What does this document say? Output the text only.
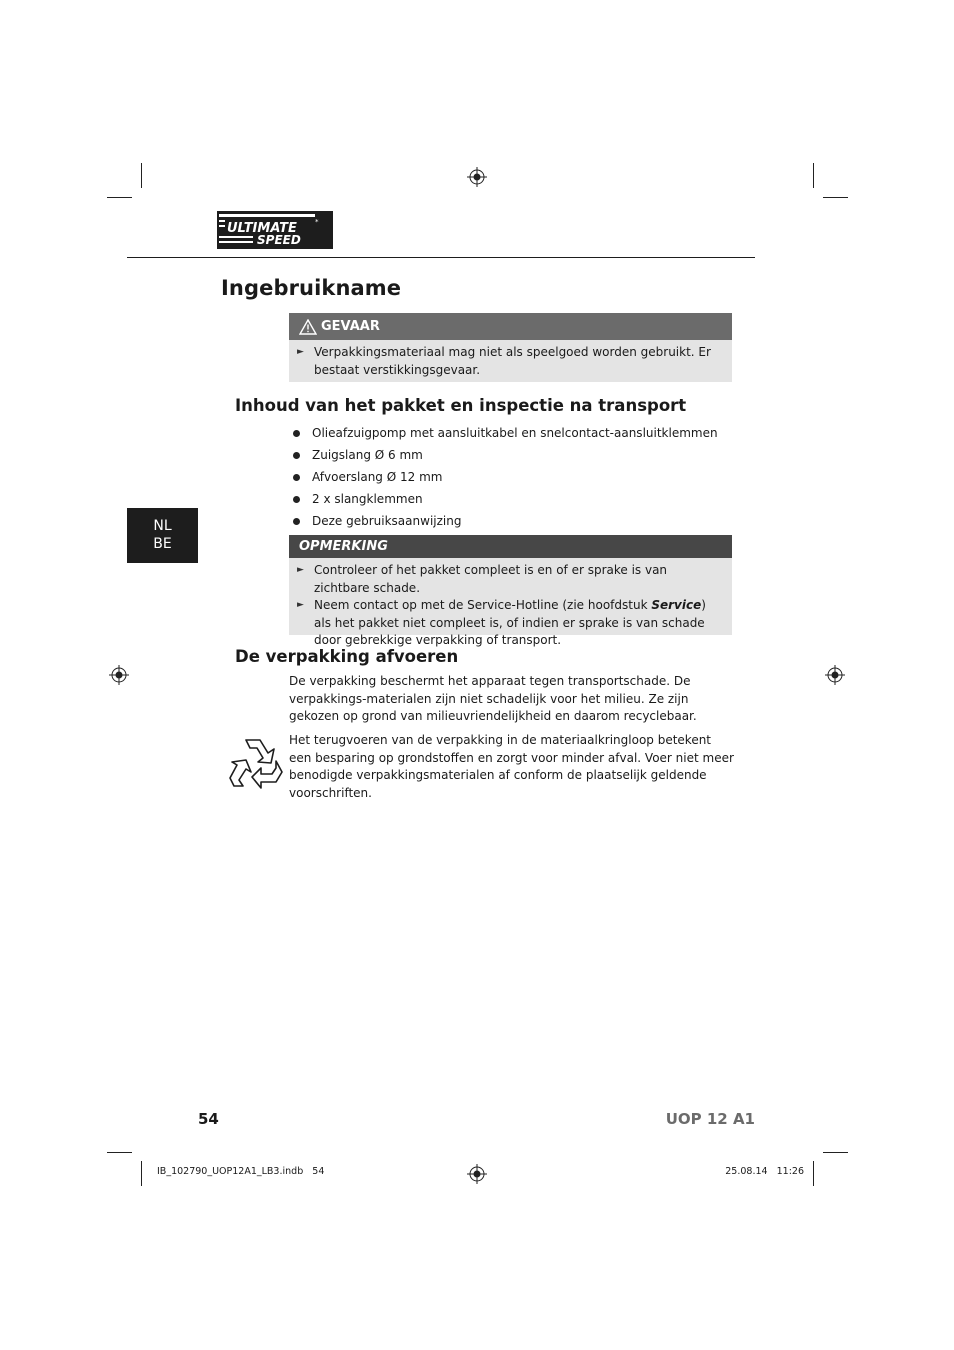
ULTIMATE
SPEED
*
Ingebruikname
NL
BE
GEVAAR
► Verpakkingsmateriaal mag niet als speelgoed worden gebruikt. Er bestaat verstikkingsgevaar.
Inhoud van het pakket en inspectie na transport
Olieafzuigpomp met aansluitkabel en snelcontact-aansluitklemmen
Zuigslang Ø 6 mm
Afvoerslang Ø 12 mm
2 x slangklemmen
Deze gebruiksaanwijzing
OPMERKING
► Controleer of het pakket compleet is en of er sprake is van zichtbare schade.
► Neem contact op met de Service-Hotline (zie hoofdstuk Service) als het pakket niet compleet is, of indien er sprake is van schade door gebrekkige verpakking of transport.
De verpakking afvoeren

De verpakking beschermt het apparaat tegen transportschade. De verpakkings-materialen zijn niet schadelijk voor het milieu. Ze zijn gekozen op grond van milieuvriendelijkheid en daarom recyclebaar.

Het terugvoeren van de verpakking in de materiaalkringloop betekent een besparing op grondstoffen en zorgt voor minder afval. Voer niet meer benodigde verpakkingsmaterialen af conform de plaatselijk geldende voorschriften.

54	UOP 12 A1
IB_102790_UOP12A1_LB3.indb   54	25.08.14   11:26
